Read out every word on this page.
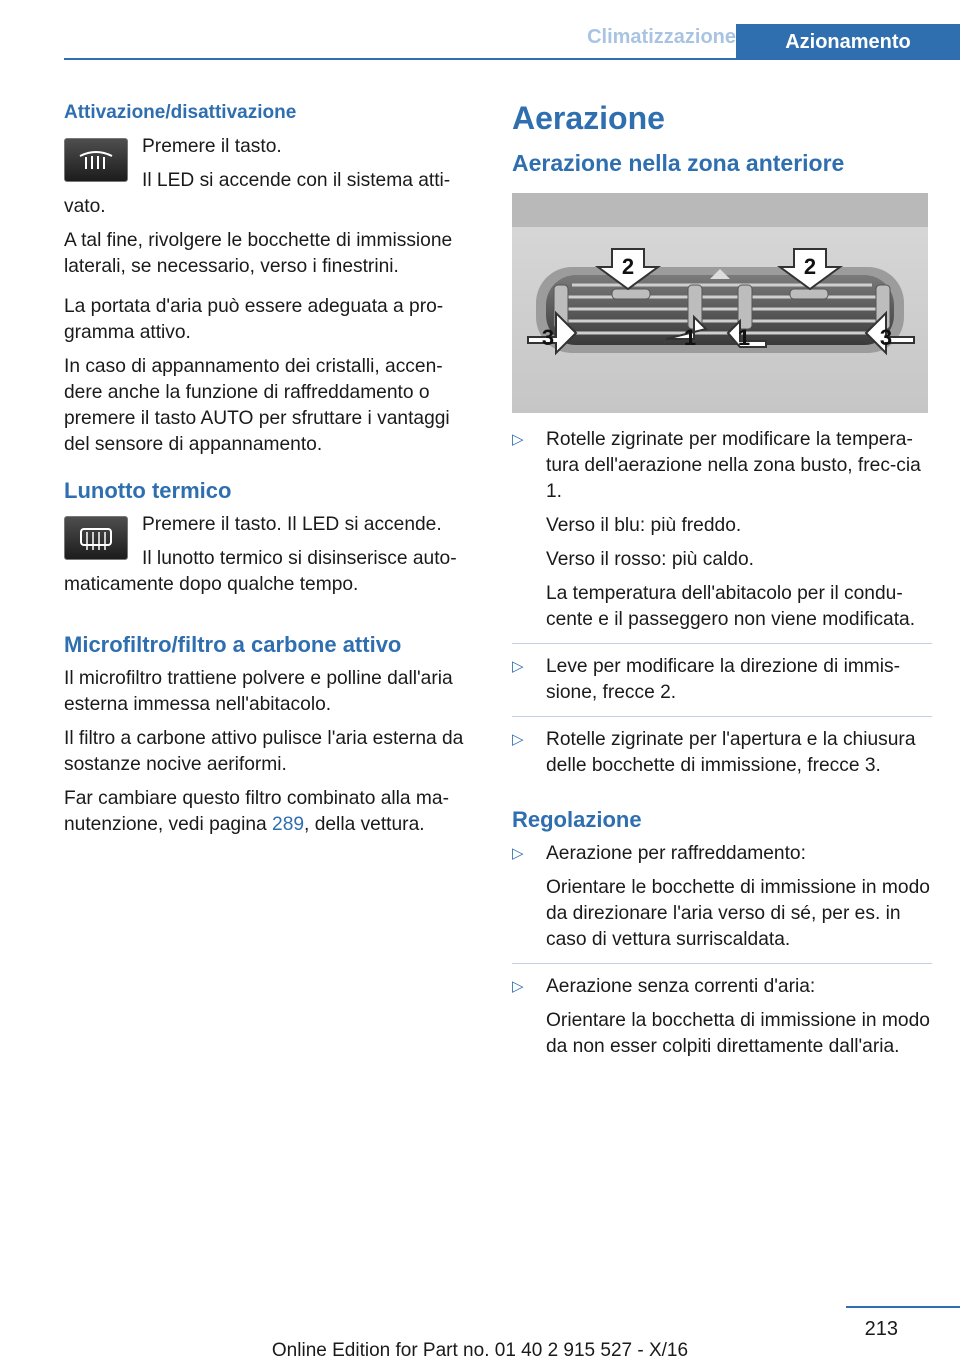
Climatizzazione	Azionamento
Attivazione/disattivazione

Premere il tasto.

Il LED si accende con il sistema atti-vato.

A tal fine, rivolgere le bocchette di immissione laterali, se necessario, verso i finestrini.

La portata d'aria può essere adeguata a pro-gramma attivo.

In caso di appannamento dei cristalli, accen-dere anche la funzione di raffreddamento o premere il tasto AUTO per sfruttare i vantaggi del sensore di appannamento.

Lunotto termico

Premere il tasto. Il LED si accende.

Il lunotto termico si disinserisce auto-maticamente dopo qualche tempo.

Microfiltro/filtro a carbone attivo

Il microfiltro trattiene polvere e polline dall'aria esterna immessa nell'abitacolo.

Il filtro a carbone attivo pulisce l'aria esterna da sostanze nocive aeriformi.

Far cambiare questo filtro combinato alla ma-nutenzione, vedi pagina 289, della vettura.

Aerazione
Aerazione nella zona anteriore
2	2
3	1 1	3

▷ Rotelle zigrinate per modificare la tempera-tura dell'aerazione nella zona busto, frec-cia 1.

Verso il blu: più freddo.

Verso il rosso: più caldo.

La temperatura dell'abitacolo per il condu-cente e il passeggero non viene modificata.

▷ Leve per modificare la direzione di immis-sione, frecce 2.

▷ Rotelle zigrinate per l'apertura e la chiusura delle bocchette di immissione, frecce 3.

Regolazione

▷ Aerazione per raffreddamento:

Orientare le bocchette di immissione in modo da direzionare l'aria verso di sé, per es. in caso di vettura surriscaldata.

▷ Aerazione senza correnti d'aria:

Orientare la bocchetta di immissione in modo da non esser colpiti direttamente dall'aria.

213
Online Edition for Part no. 01 40 2 915 527 - X/16
